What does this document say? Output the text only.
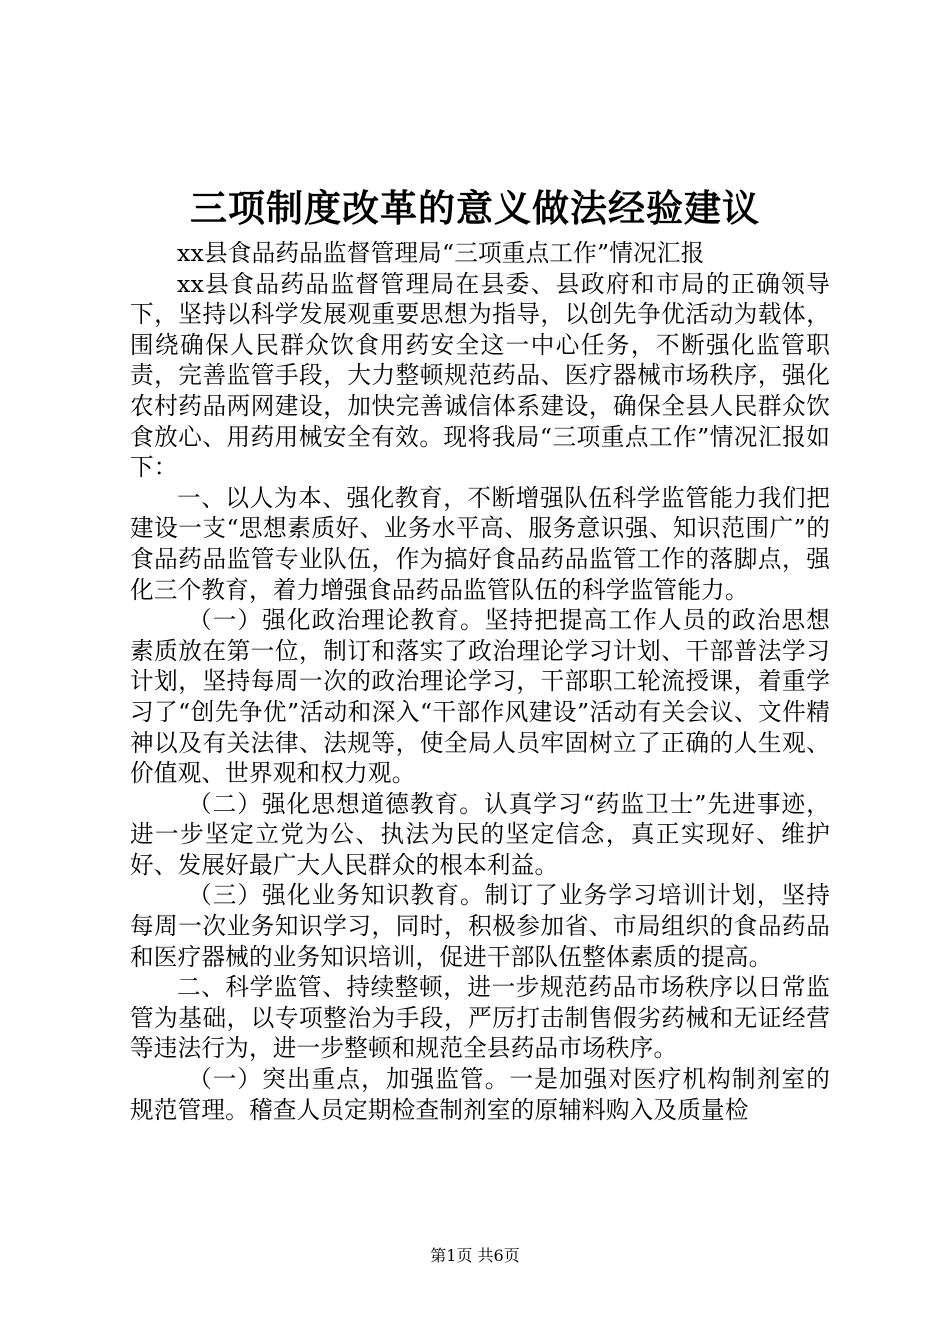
三项制度改革的意义做法经验建议

xx县食品药品监督管理局“三项重点工作”情况汇报

xx县食品药品监督管理局在县委、县政府和市局的正确领导下，坚持以科学发展观重要思想为指导，以创先争优活动为载体，围绕确保人民群众饮食用药安全这一中心任务，不断强化监管职责，完善监管手段，大力整顿规范药品、医疗器械市场秩序，强化农村药品两网建设，加快完善诚信体系建设，确保全县人民群众饮食放心、用药用械安全有效。现将我局“三项重点工作”情况汇报如下：

一、以人为本、强化教育，不断增强队伍科学监管能力我们把建设一支“思想素质好、业务水平高、服务意识强、知识范围广”的食品药品监管专业队伍，作为搞好食品药品监管工作的落脚点，强化三个教育，着力增强食品药品监管队伍的科学监管能力。

（一）强化政治理论教育。坚持把提高工作人员的政治思想素质放在第一位，制订和落实了政治理论学习计划、干部普法学习计划，坚持每周一次的政治理论学习，干部职工轮流授课，着重学习了“创先争优”活动和深入“干部作风建设”活动有关会议、文件精神以及有关法律、法规等，使全局人员牢固树立了正确的人生观、价值观、世界观和权力观。

（二）强化思想道德教育。认真学习“药监卫士”先进事迹，进一步坚定立党为公、执法为民的坚定信念，真正实现好、维护好、发展好最广大人民群众的根本利益。

（三）强化业务知识教育。制订了业务学习培训计划，坚持每周一次业务知识学习，同时，积极参加省、市局组织的食品药品和医疗器械的业务知识培训，促进干部队伍整体素质的提高。

二、科学监管、持续整顿，进一步规范药品市场秩序以日常监管为基础，以专项整治为手段，严厉打击制售假劣药械和无证经营等违法行为，进一步整顿和规范全县药品市场秩序。

（一）突出重点，加强监管。一是加强对医疗机构制剂室的规范管理。稽查人员定期检查制剂室的原辅料购入及质量检

第1页 共6页
